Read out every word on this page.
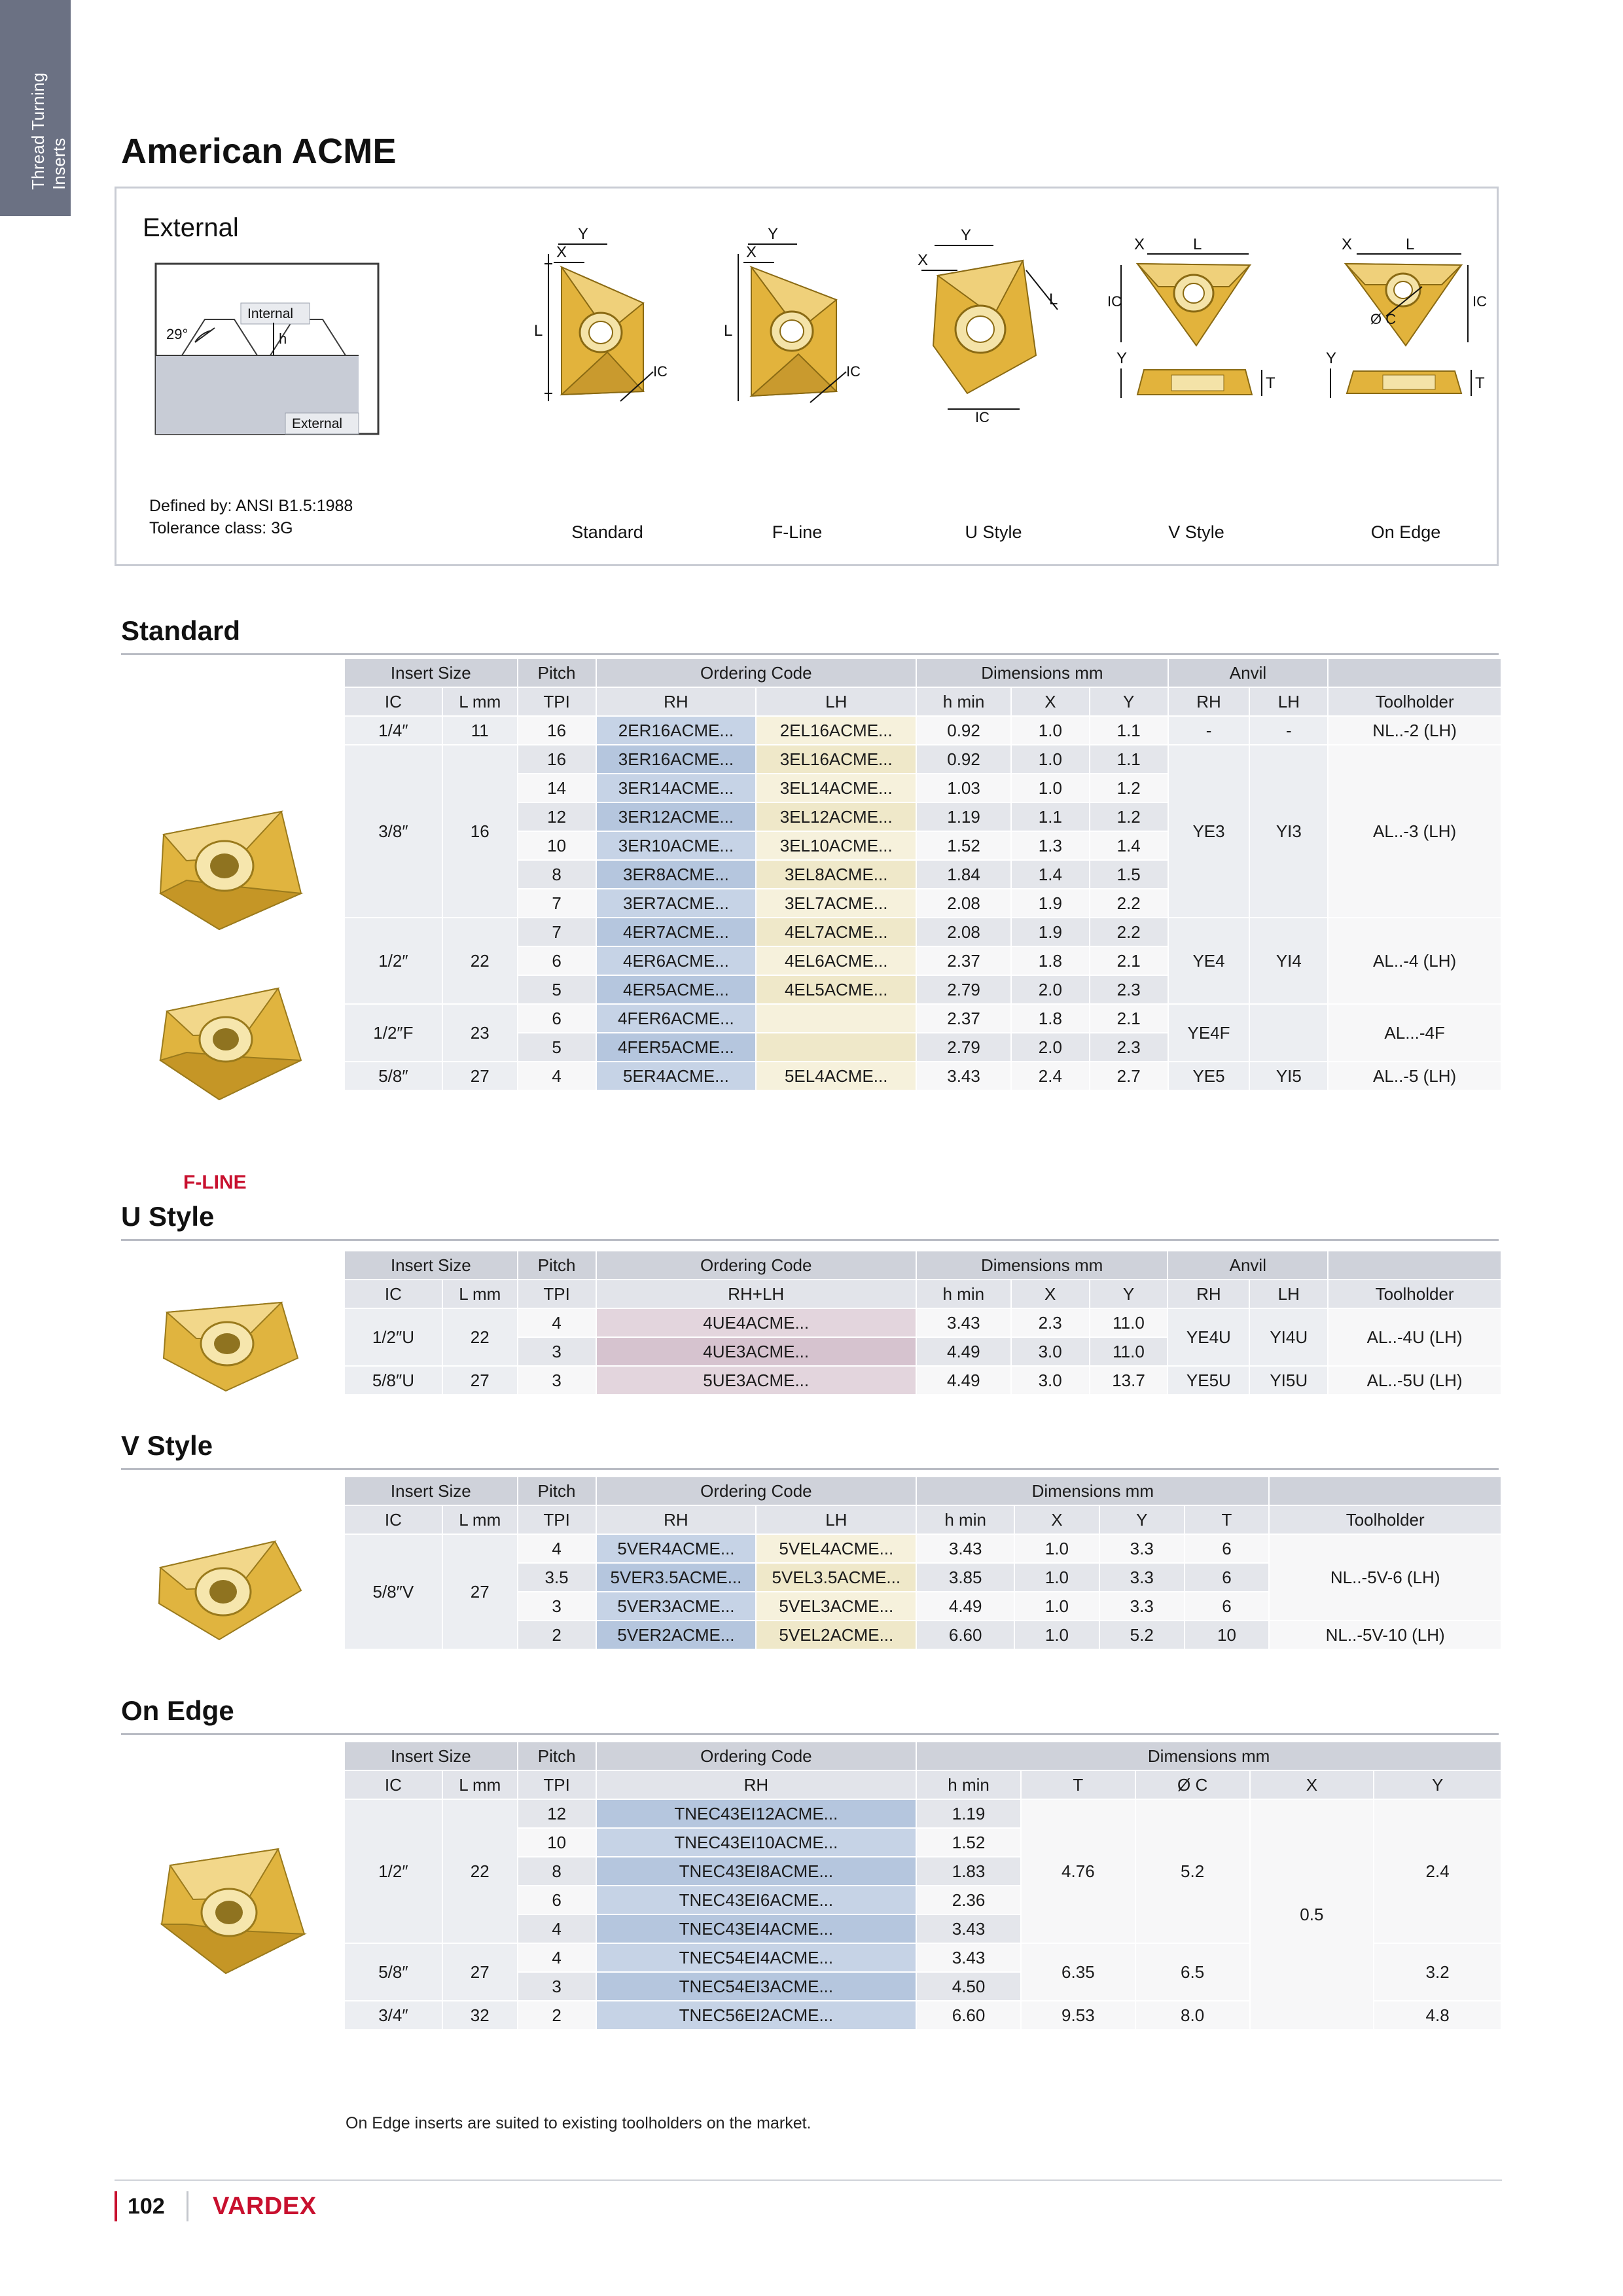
Thread Turning
Inserts American ACME
External
29°
Internal
External
h	L
Y
X
IC
L
Y
X
IC
Y
X
L
IC
L
X
IC
Y
T
L
X
IC
Ø C
Y
T
Defined by: ANSI B1.5:1988
Tolerance class: 3G	Standard	F-Line	U Style	V Style	On Edge
Standard
F-LINE
Insert Size		Pitch	Ordering Code		Dimensions mm			Anvil		
IC	L mm	TPI	RH	LH	h min	X	Y	RH	LH	Toolholder
1/4″	11	16	2ER16ACME...	2EL16ACME...	0.92	1.0	1.1	-	-	NL..-2 (LH)
3/8″	16	16	3ER16ACME...	3EL16ACME...	0.92	1.0	1.1	YE3	YI3	AL..-3 (LH)
		14	3ER14ACME...	3EL14ACME...	1.03	1.0	1.2			
		12	3ER12ACME...	3EL12ACME...	1.19	1.1	1.2			
		10	3ER10ACME...	3EL10ACME...	1.52	1.3	1.4			
		8	3ER8ACME...	3EL8ACME...	1.84	1.4	1.5			
		7	3ER7ACME...	3EL7ACME...	2.08	1.9	2.2			
1/2″	22	7	4ER7ACME...	4EL7ACME...	2.08	1.9	2.2	YE4	YI4	AL..-4 (LH)
		6	4ER6ACME...	4EL6ACME...	2.37	1.8	2.1			
		5	4ER5ACME...	4EL5ACME...	2.79	2.0	2.3			
1/2″F	23	6	4FER6ACME...		2.37	1.8	2.1	YE4F		AL...-4F
		5	4FER5ACME...		2.79	2.0	2.3			
5/8″	27	4	5ER4ACME...	5EL4ACME...	3.43	2.4	2.7	YE5	YI5	AL..-5 (LH)
U Style
Insert Size		Pitch	Ordering Code	Dimensions mm			Anvil		
IC	L mm	TPI	RH+LH	h min	X	Y	RH	LH	Toolholder
1/2″U	22	4	4UE4ACME...	3.43	2.3	11.0	YE4U	YI4U	AL..-4U (LH)
		3	4UE3ACME...	4.49	3.0	11.0			
5/8″U	27	3	5UE3ACME...	4.49	3.0	13.7	YE5U	YI5U	AL..-5U (LH)
V Style
Insert Size		Pitch	Ordering Code		Dimensions mm				
IC	L mm	TPI	RH	LH	h min	X	Y	T	Toolholder
5/8″V	27	4	5VER4ACME...	5VEL4ACME...	3.43	1.0	3.3	6	NL..-5V-6 (LH)
		3.5	5VER3.5ACME...	5VEL3.5ACME...	3.85	1.0	3.3	6	
		3	5VER3ACME...	5VEL3ACME...	4.49	1.0	3.3	6	
		2	5VER2ACME...	5VEL2ACME...	6.60	1.0	5.2	10	NL..-5V-10 (LH)
On Edge
Insert Size		Pitch	Ordering Code	Dimensions mm				
IC	L mm	TPI	RH	h min	T	Ø C	X	Y
1/2″	22	12	TNEC43EI12ACME...	1.19	4.76	5.2	0.5	2.4
		10	TNEC43EI10ACME...	1.52				
		8	TNEC43EI8ACME...	1.83				
		6	TNEC43EI6ACME...	2.36				
		4	TNEC43EI4ACME...	3.43				
5/8″	27	4	TNEC54EI4ACME...	3.43	6.35	6.5		3.2
		3	TNEC54EI3ACME...	4.50				
3/4″	32	2	TNEC56EI2ACME...	6.60	9.53	8.0		4.8
On Edge inserts are suited to existing toolholders on the market.
102 VARDEX
